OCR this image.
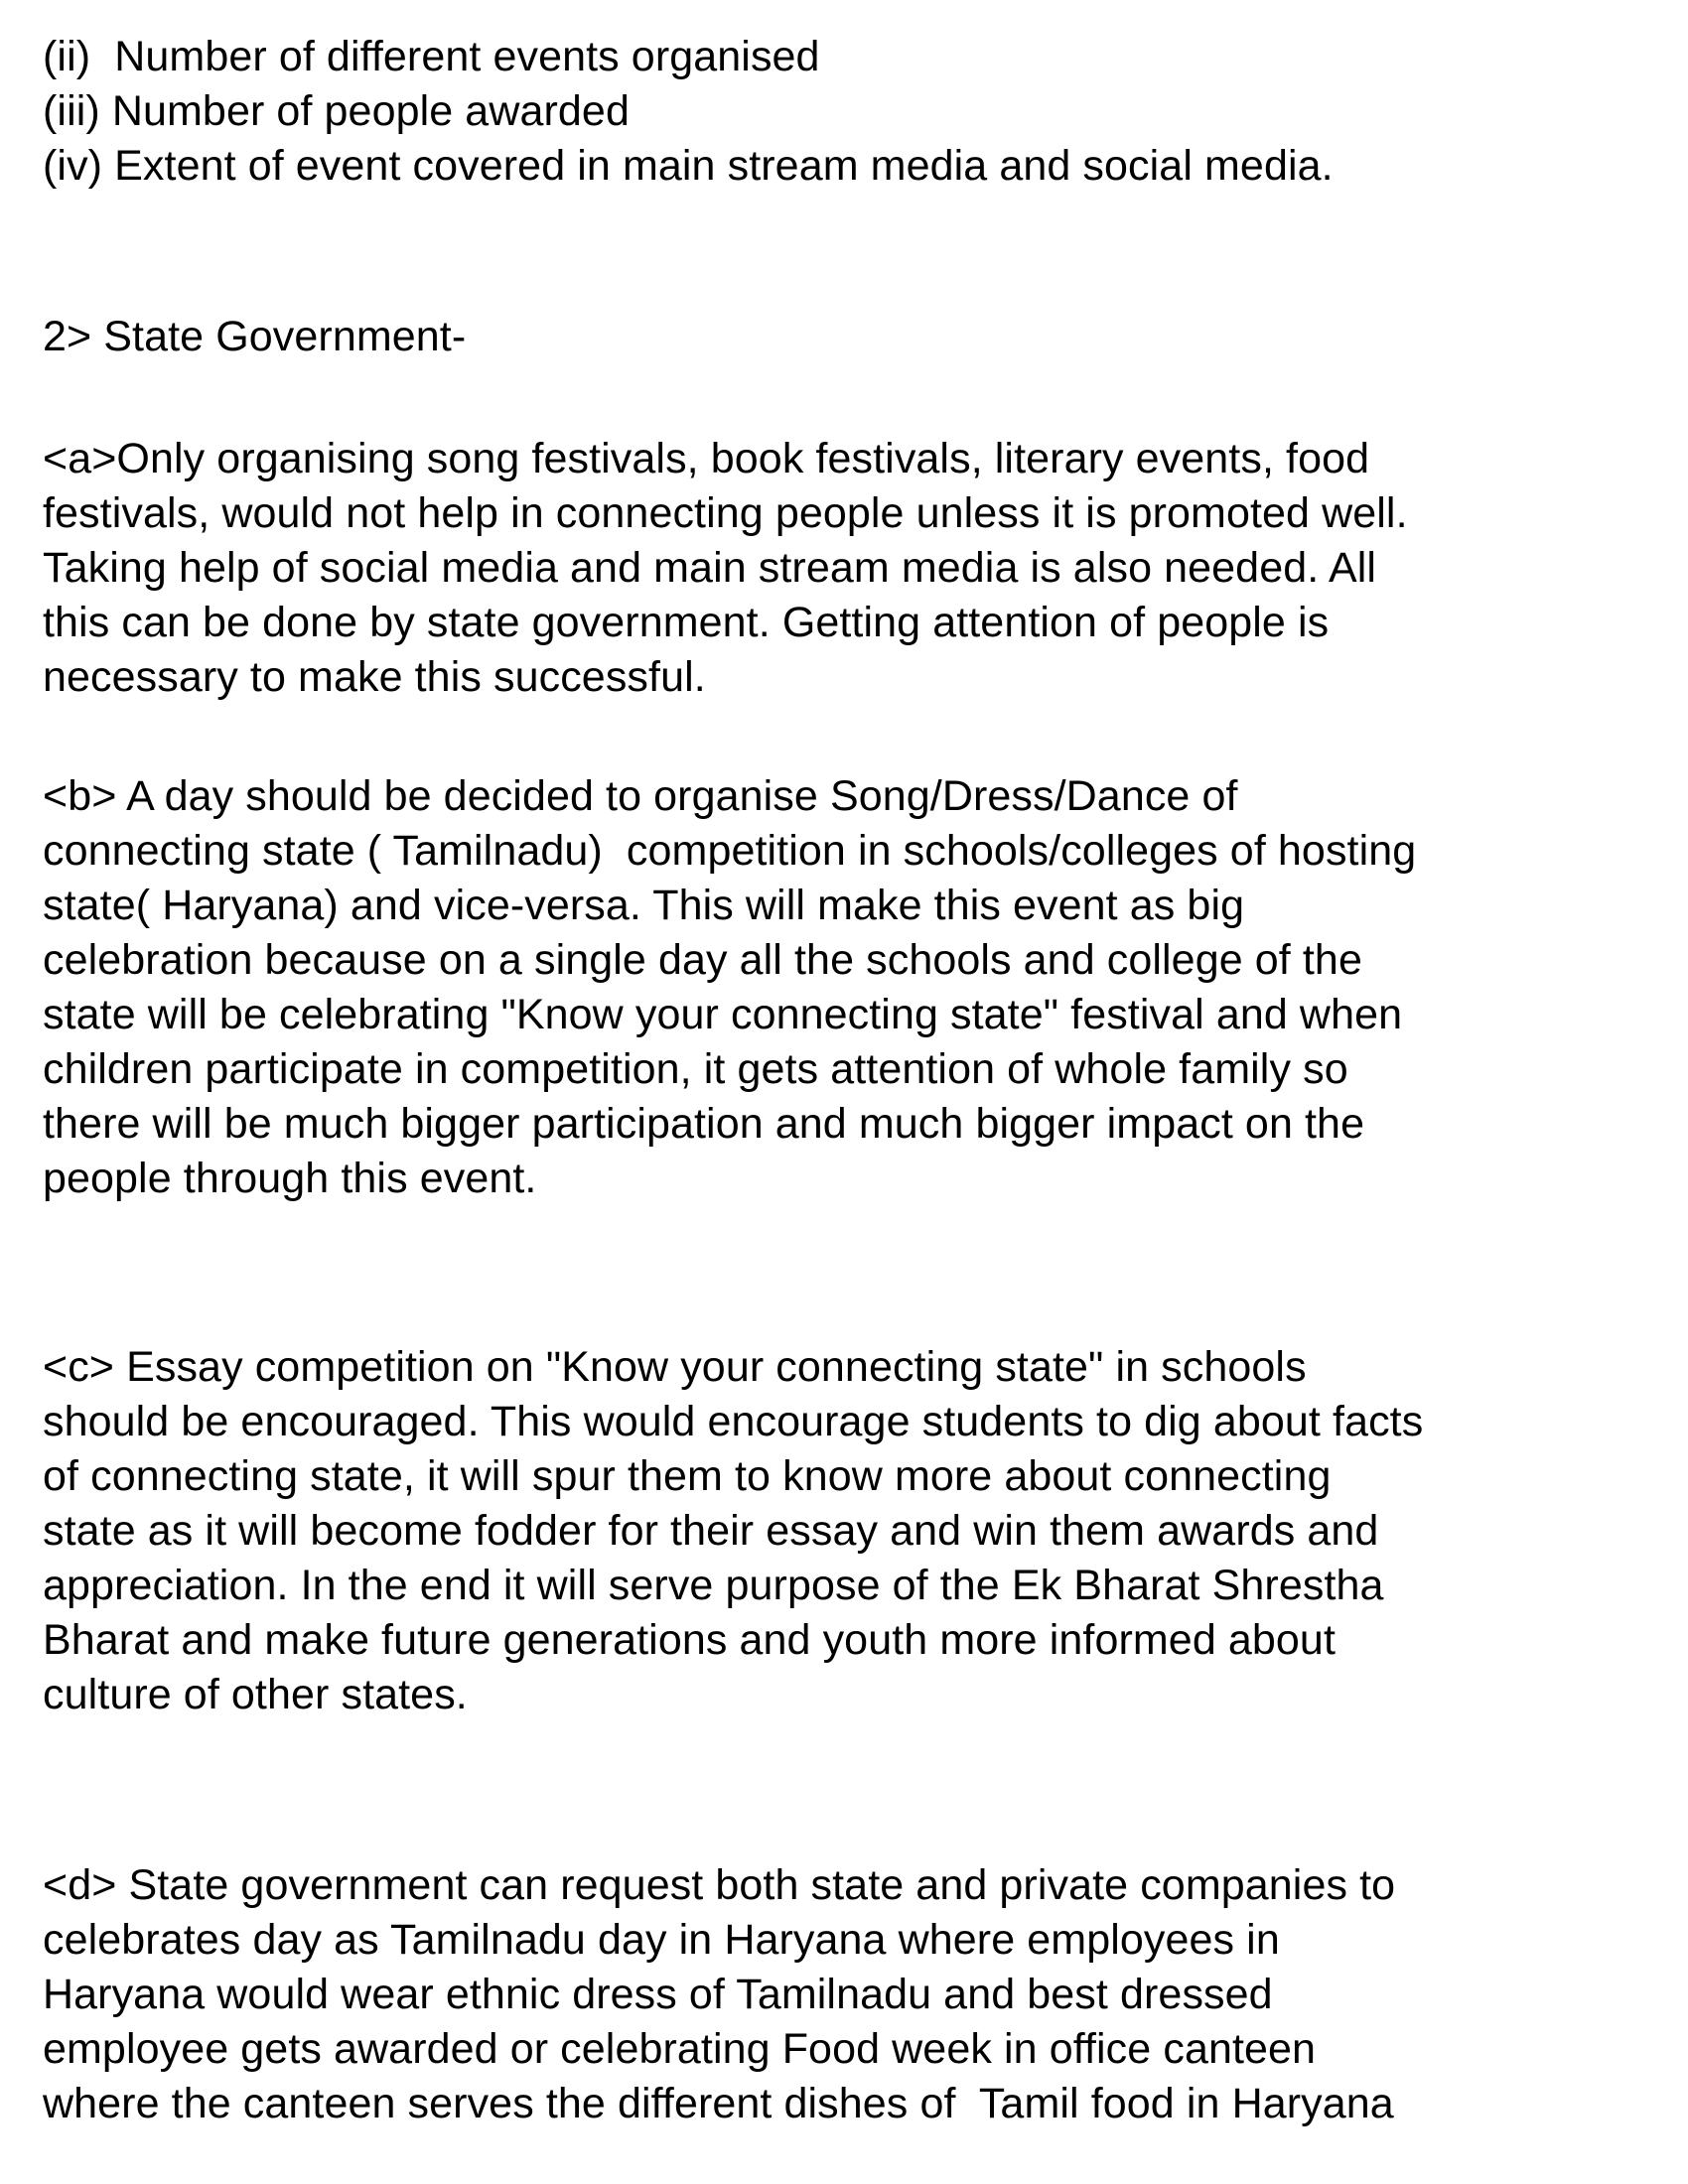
(ii)  Number of different events organised
(iii) Number of people awarded
(iv) Extent of event covered in main stream media and social media.
2> State Government-
<a>Only organising song festivals, book festivals, literary events, food
festivals, would not help in connecting people unless it is promoted well.
Taking help of social media and main stream media is also needed. All
this can be done by state government. Getting attention of people is
necessary to make this successful.
<b> A day should be decided to organise Song/Dress/Dance of
connecting state ( Tamilnadu)  competition in schools/colleges of hosting
state( Haryana) and vice-versa. This will make this event as big
celebration because on a single day all the schools and college of the
state will be celebrating "Know your connecting state" festival and when
children participate in competition, it gets attention of whole family so
there will be much bigger participation and much bigger impact on the
people through this event.
<c> Essay competition on "Know your connecting state" in schools
should be encouraged. This would encourage students to dig about facts
of connecting state, it will spur them to know more about connecting
state as it will become fodder for their essay and win them awards and
appreciation. In the end it will serve purpose of the Ek Bharat Shrestha
Bharat and make future generations and youth more informed about
culture of other states.
<d> State government can request both state and private companies to
celebrates day as Tamilnadu day in Haryana where employees in
Haryana would wear ethnic dress of Tamilnadu and best dressed
employee gets awarded or celebrating Food week in office canteen
where the canteen serves the different dishes of  Tamil food in Haryana
